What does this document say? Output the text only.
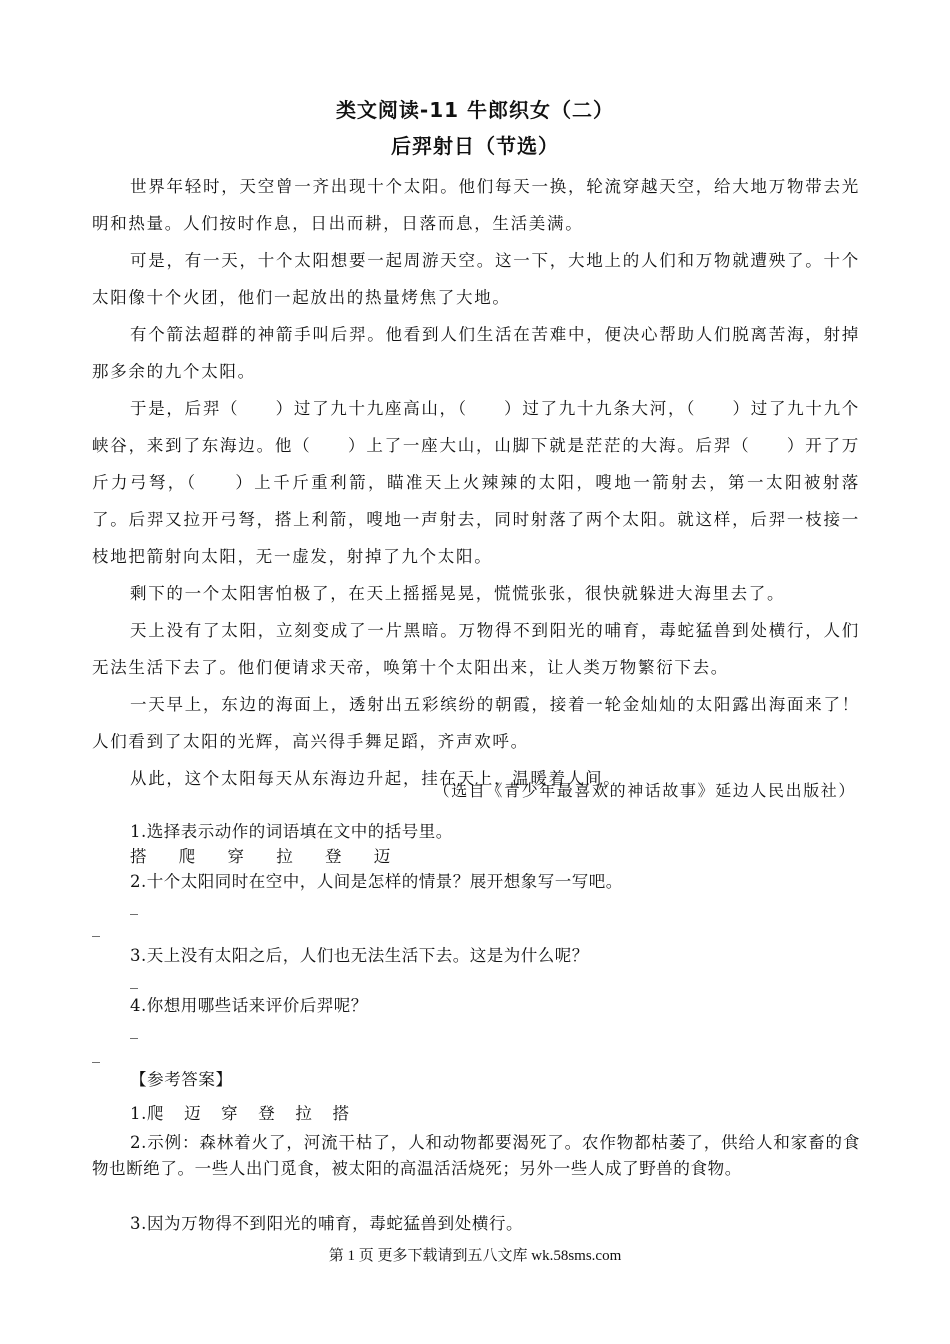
类文阅读-11 牛郎织女（二）
后羿射日（节选）

世界年轻时，天空曾一齐出现十个太阳。他们每天一换，轮流穿越天空，给大地万物带去光明和热量。人们按时作息，日出而耕，日落而息，生活美满。

可是，有一天，十个太阳想要一起周游天空。这一下，大地上的人们和万物就遭殃了。十个太阳像十个火团，他们一起放出的热量烤焦了大地。

有个箭法超群的神箭手叫后羿。他看到人们生活在苦难中，便决心帮助人们脱离苦海，射掉那多余的九个太阳。

于是，后羿（　　）过了九十九座高山，（　　）过了九十九条大河，（　　）过了九十九个峡谷，来到了东海边。他（　　）上了一座大山，山脚下就是茫茫的大海。后羿（　　）开了万斤力弓弩，（　　）上千斤重利箭，瞄准天上火辣辣的太阳，嗖地一箭射去，第一太阳被射落了。后羿又拉开弓弩，搭上利箭，嗖地一声射去，同时射落了两个太阳。就这样，后羿一枝接一枝地把箭射向太阳，无一虚发，射掉了九个太阳。

剩下的一个太阳害怕极了，在天上摇摇晃晃，慌慌张张，很快就躲进大海里去了。

天上没有了太阳，立刻变成了一片黑暗。万物得不到阳光的哺育，毒蛇猛兽到处横行，人们无法生活下去了。他们便请求天帝，唤第十个太阳出来，让人类万物繁衍下去。

一天早上，东边的海面上，透射出五彩缤纷的朝霞，接着一轮金灿灿的太阳露出海面来了！人们看到了太阳的光辉，高兴得手舞足蹈，齐声欢呼。

从此，这个太阳每天从东海边升起，挂在天上，温暖着人间。

（选自《青少年最喜欢的神话故事》延边人民出版社）
1.选择表示动作的词语填在文中的括号里。
搭 爬 穿 拉 登 迈
2.十个太阳同时在空中，人间是怎样的情景？展开想象写一写吧。
_
_
3.天上没有太阳之后，人们也无法生活下去。这是为什么呢？
_
4.你想用哪些话来评价后羿呢？
_
_
【参考答案】
1.爬 迈 穿 登 拉 搭
2.示例：森林着火了，河流干枯了，人和动物都要渴死了。农作物都枯萎了，供给人和家畜的食物也断绝了。一些人出门觅食，被太阳的高温活活烧死；另外一些人成了野兽的食物。
3.因为万物得不到阳光的哺育，毒蛇猛兽到处横行。
第 1 页 更多下载请到五八文库 wk.58sms.com
